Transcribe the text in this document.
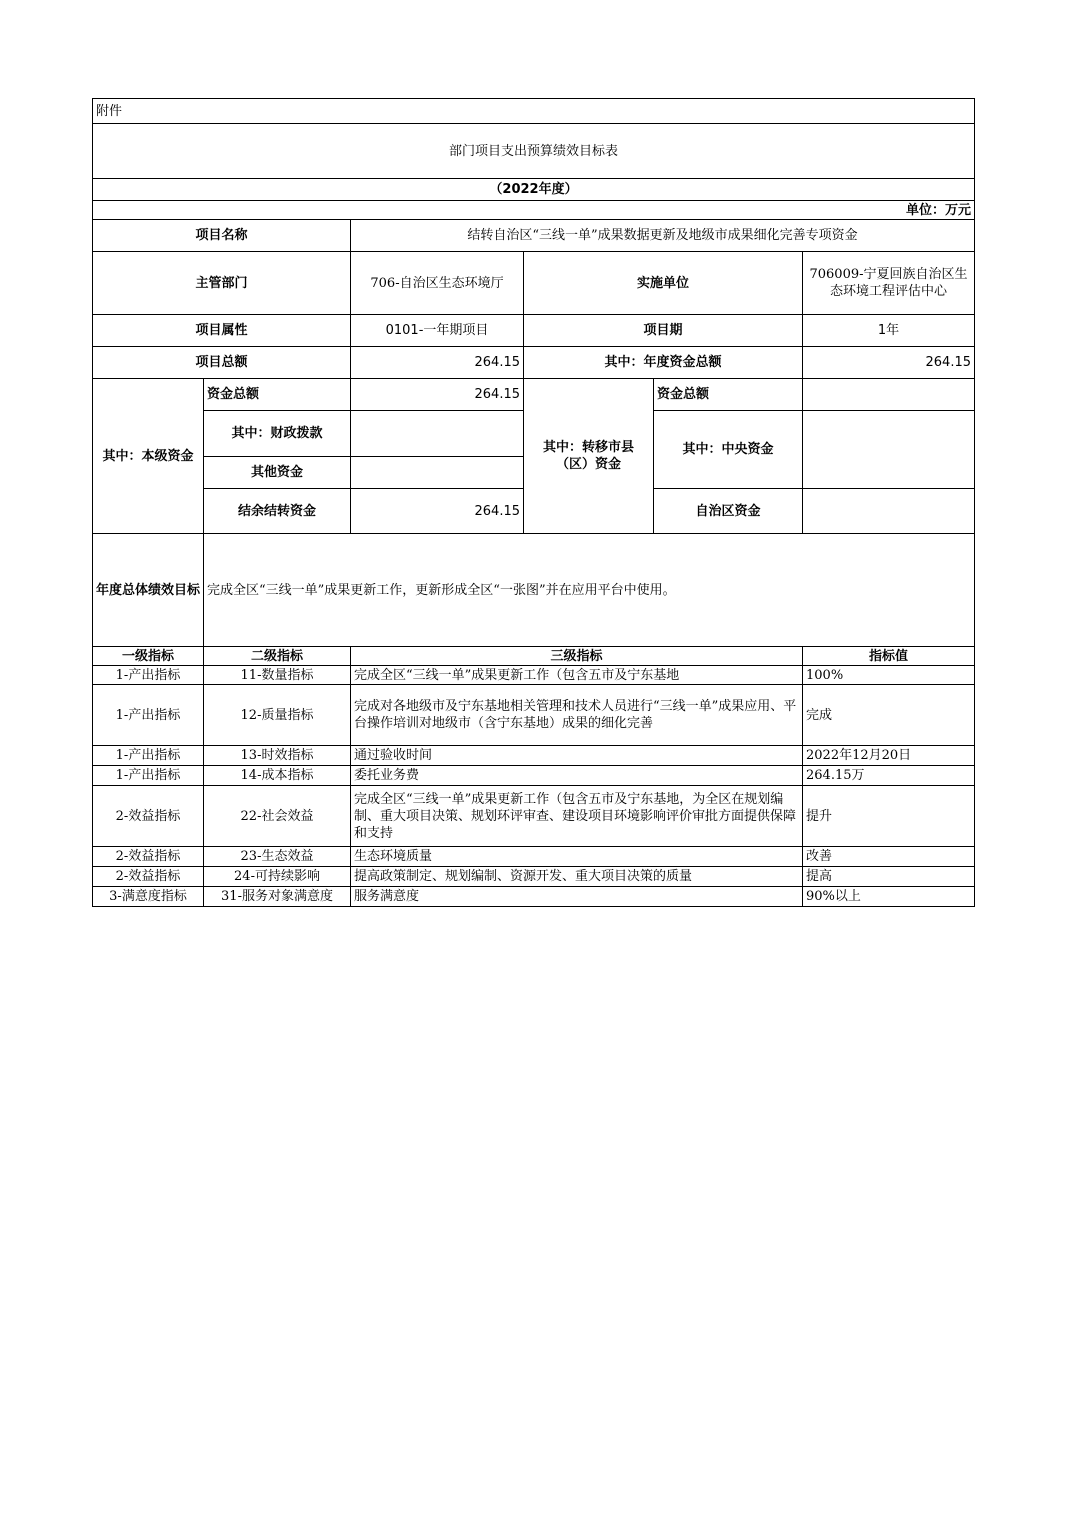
附件					
部门项目支出预算绩效目标表					
（2022年度）					
单位：万元					
项目名称		结转自治区“三线一单”成果数据更新及地级市成果细化完善专项资金			
主管部门		706-自治区生态环境厅	实施单位		706009-宁夏回族自治区生态环境工程评估中心
项目属性		0101-一年期项目	项目期		1年
项目总额		264.15	其中：年度资金总额		264.15
其中：本级资金	资金总额	264.15	其中：转移市县（区）资金	资金总额	
	其中：财政拨款			其中：中央资金	
	其他资金				
	结余结转资金	264.15		自治区资金	
年度总体绩效目标	完成全区“三线一单”成果更新工作，更新形成全区“一张图”并在应用平台中使用。				
一级指标	二级指标	三级指标			指标值
1-产出指标	11-数量指标	完成全区“三线一单”成果更新工作（包含五市及宁东基地			100%
1-产出指标	12-质量指标	完成对各地级市及宁东基地相关管理和技术人员进行“三线一单”成果应用、平台操作培训对地级市（含宁东基地）成果的细化完善			完成
1-产出指标	13-时效指标	通过验收时间			2022年12月20日
1-产出指标	14-成本指标	委托业务费			264.15万
2-效益指标	22-社会效益	完成全区“三线一单”成果更新工作（包含五市及宁东基地，为全区在规划编制、重大项目决策、规划环评审查、建设项目环境影响评价审批方面提供保障和支持			提升
2-效益指标	23-生态效益	生态环境质量			改善
2-效益指标	24-可持续影响	提高政策制定、规划编制、资源开发、重大项目决策的质量			提高
3-满意度指标	31-服务对象满意度	服务满意度			90%以上
